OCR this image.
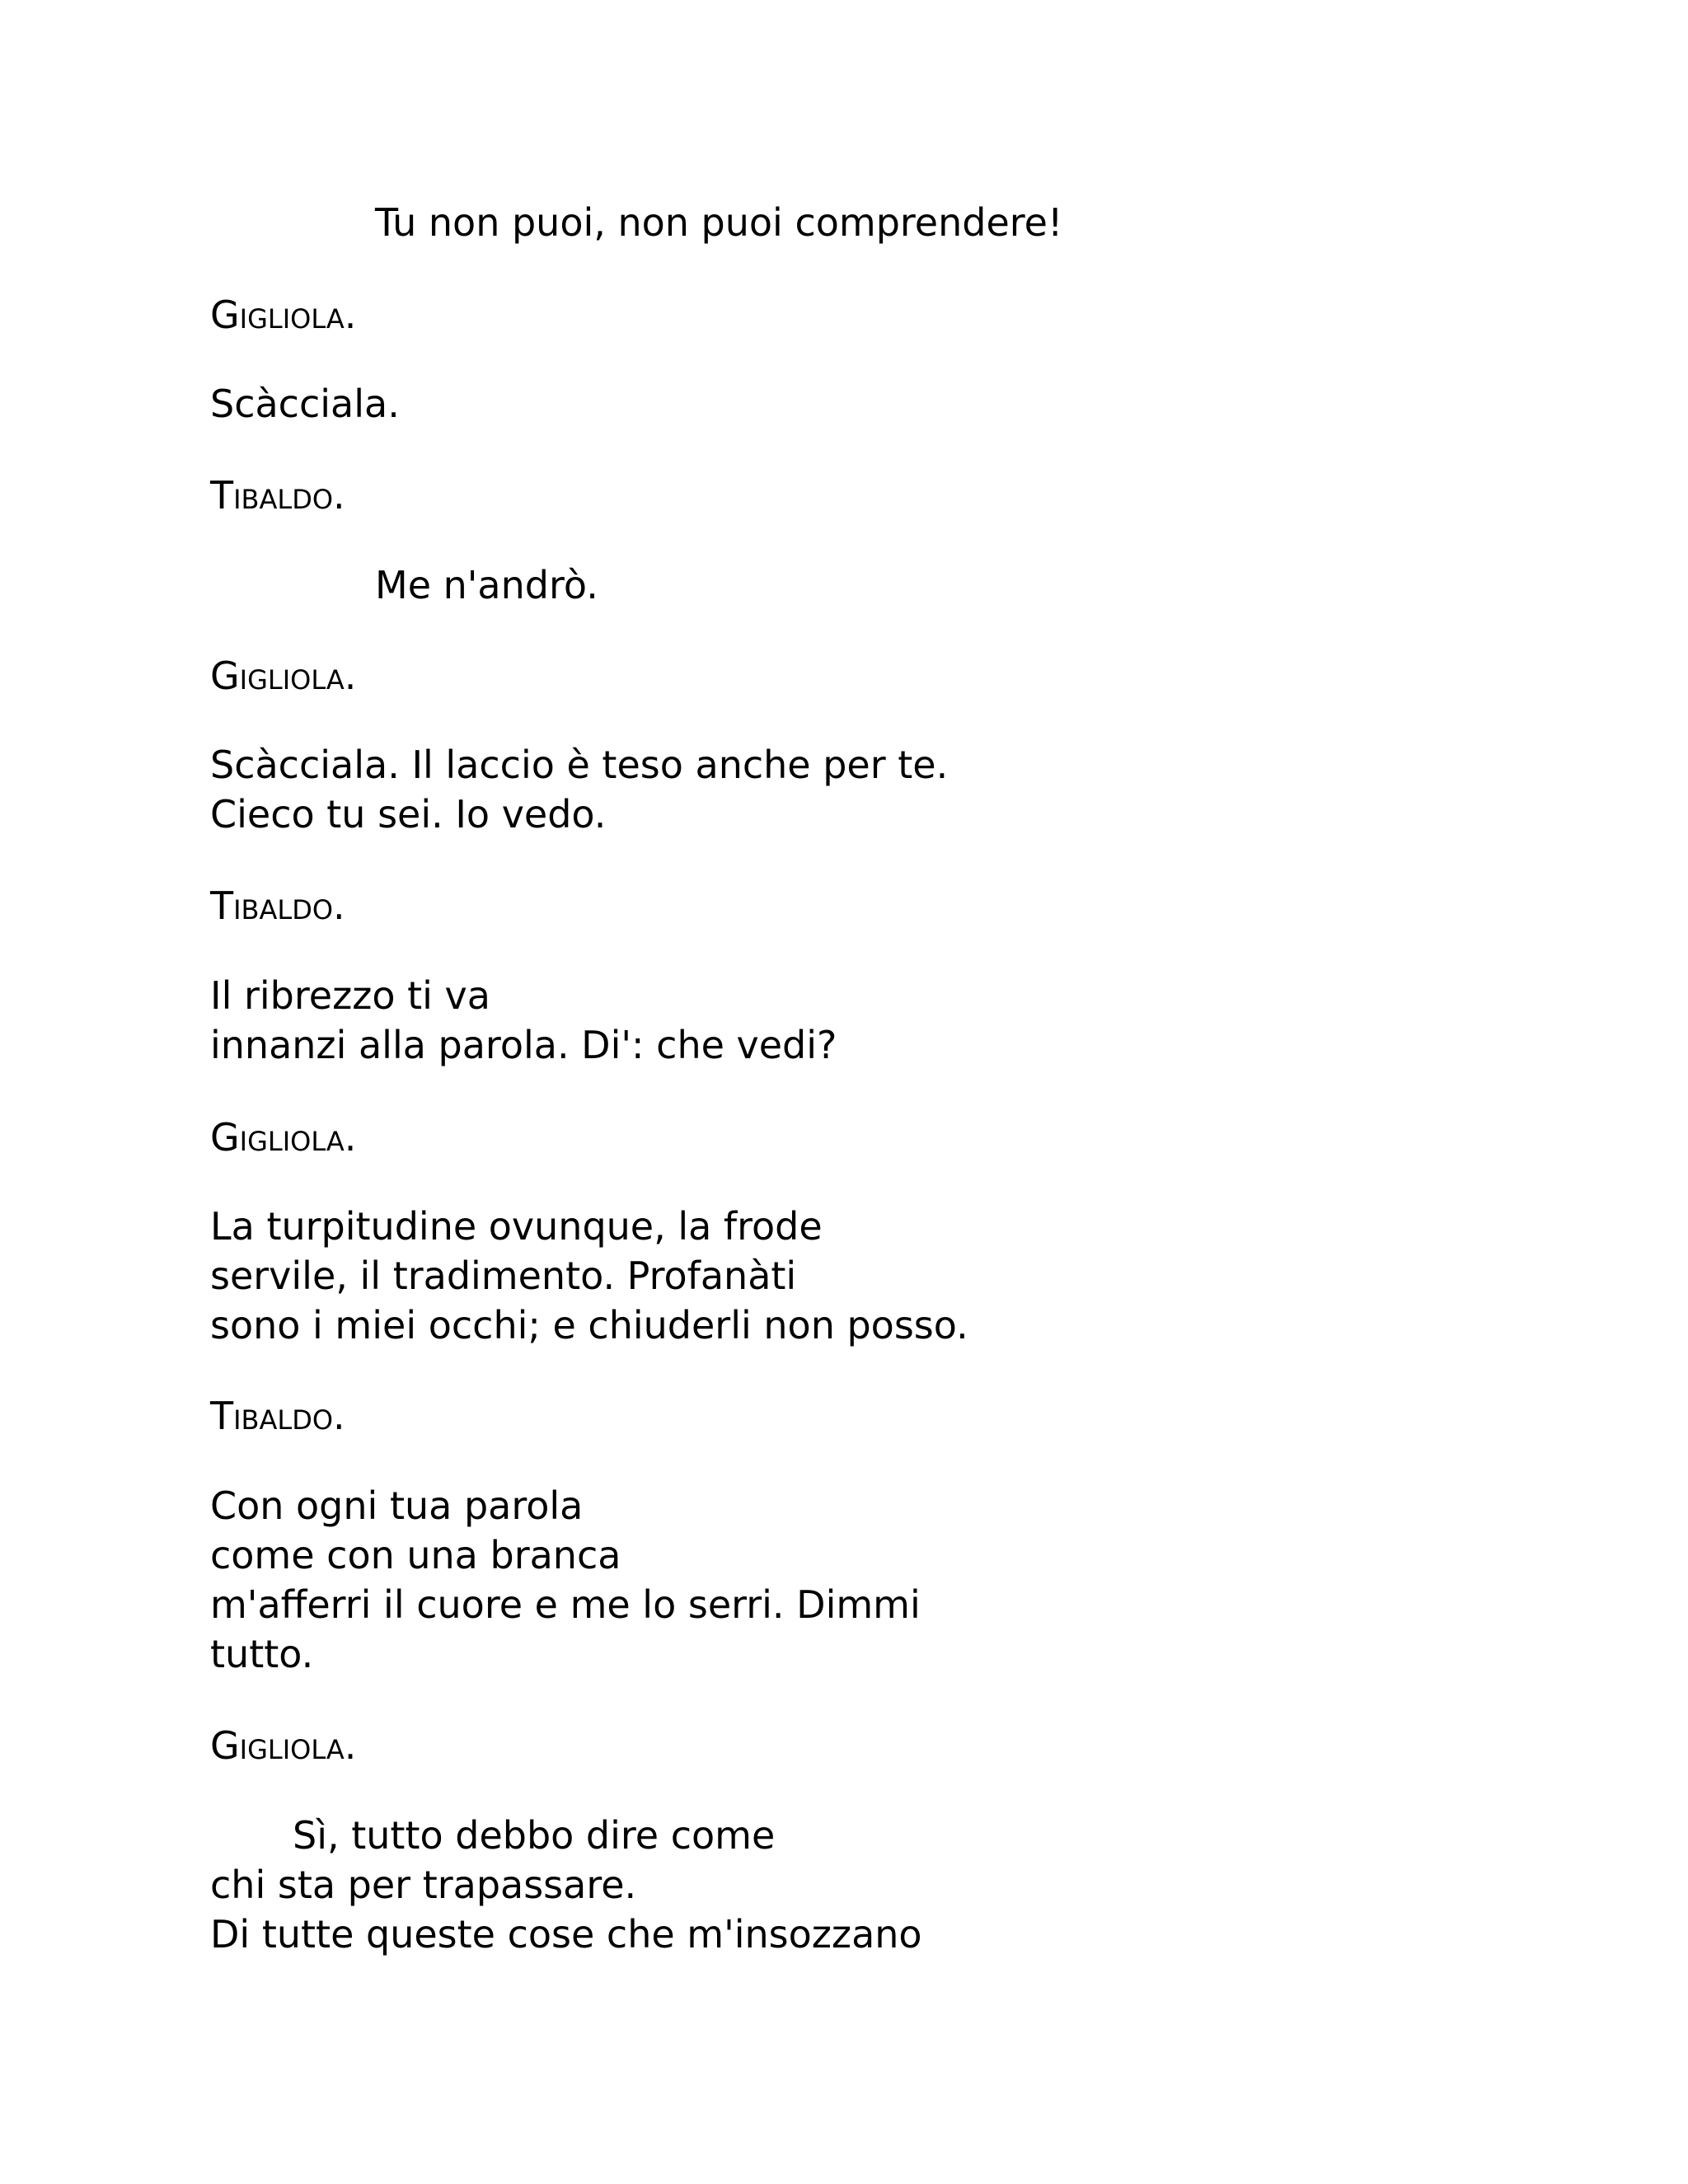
Tu non puoi, non puoi comprendere!
Gigliola.
Scàcciala.
Tibaldo.
Me n'andrò.
Gigliola.
Scàcciala. Il laccio è teso anche per te.
Cieco tu sei. Io vedo.
Tibaldo.
Il ribrezzo ti va
innanzi alla parola. Di': che vedi?
Gigliola.
La turpitudine ovunque, la frode
servile, il tradimento. Profanàti
sono i miei occhi; e chiuderli non posso.
Tibaldo.
Con ogni tua parola
come con una branca
m'afferri il cuore e me lo serri. Dimmi
tutto.
Gigliola.
Sì, tutto debbo dire come
chi sta per trapassare.
Di tutte queste cose che m'insozzano
